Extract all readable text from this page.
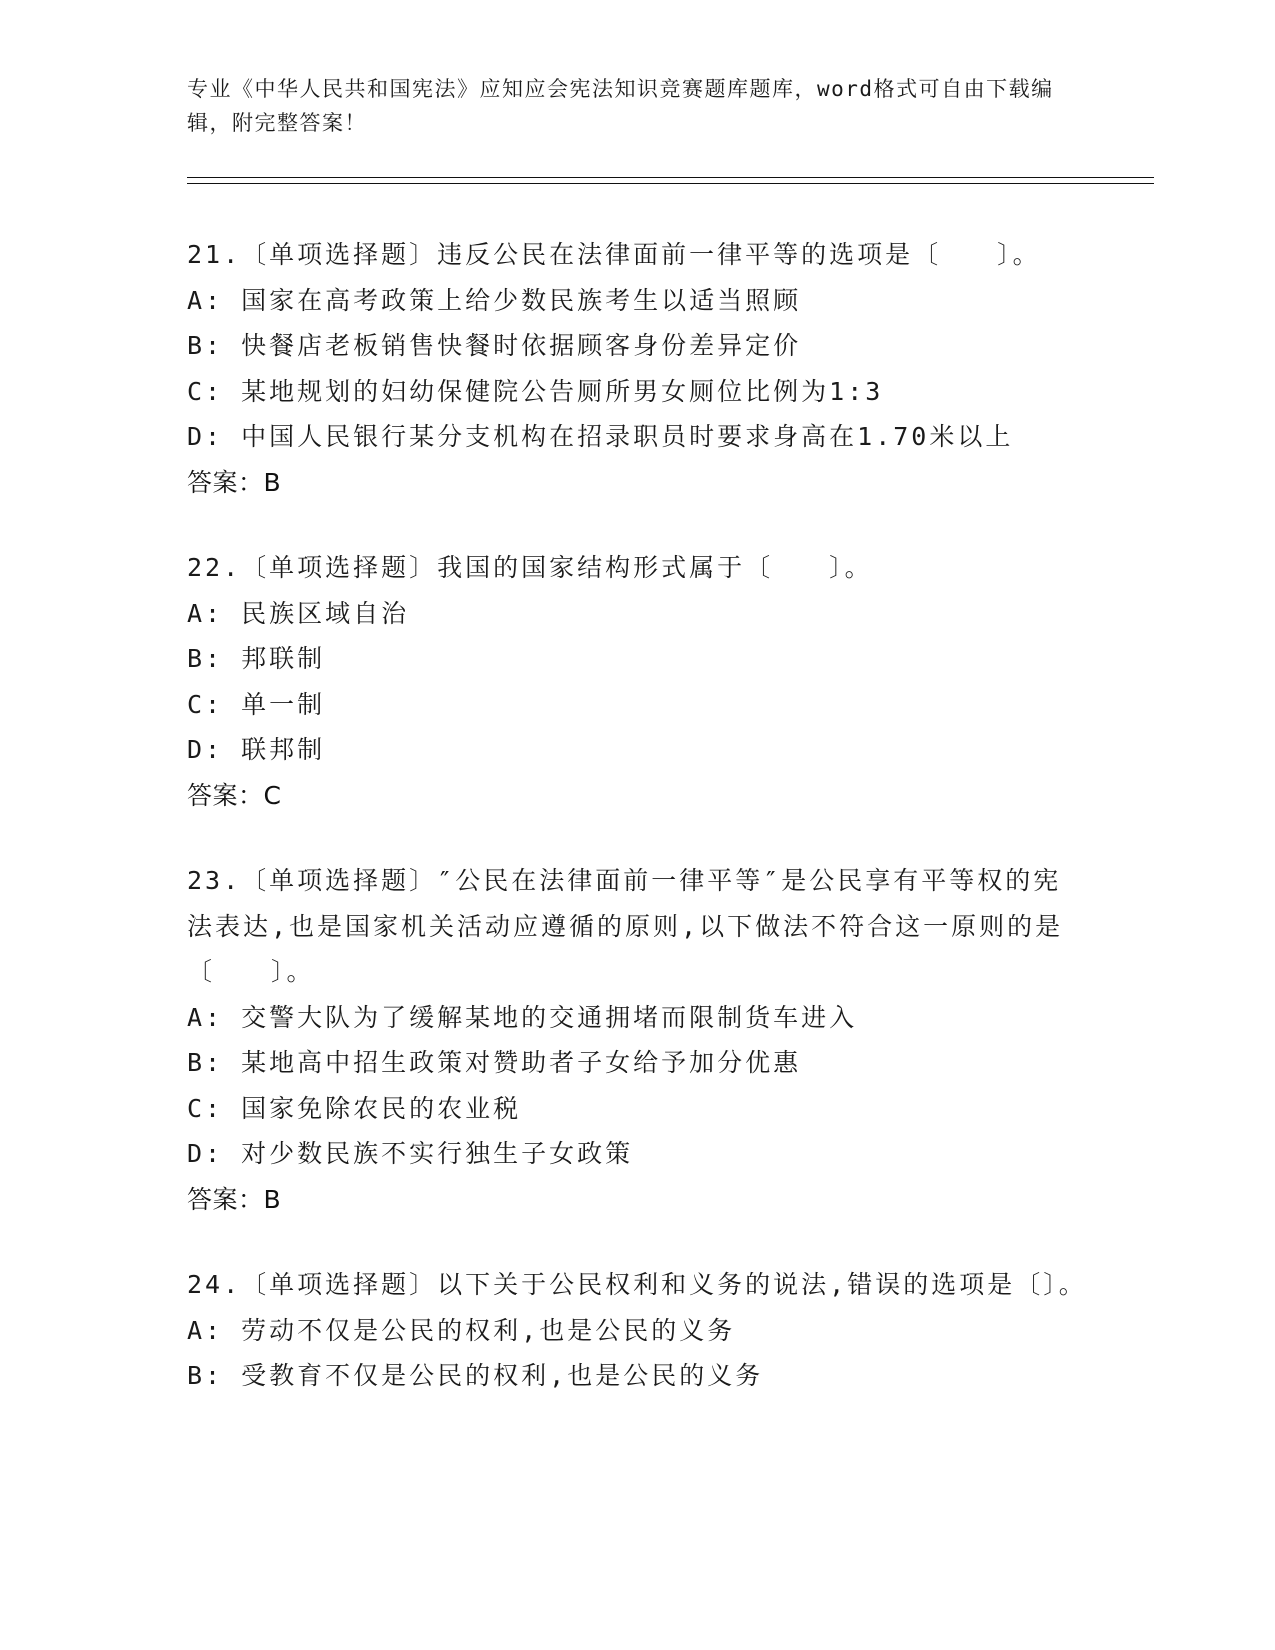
专业《中华人民共和国宪法》应知应会宪法知识竞赛题库题库，word格式可自由下载编辑，附完整答案！
21.〔单项选择题〕违反公民在法律面前一律平等的选项是〔　　〕。
A: 国家在高考政策上给少数民族考生以适当照顾
B: 快餐店老板销售快餐时依据顾客身份差异定价
C: 某地规划的妇幼保健院公告厕所男女厕位比例为1:3
D: 中国人民银行某分支机构在招录职员时要求身高在1.70米以上
答案：B
22.〔单项选择题〕我国的国家结构形式属于〔　　〕。
A: 民族区域自治
B: 邦联制
C: 单一制
D: 联邦制
答案：C
23.〔单项选择题〕″公民在法律面前一律平等″是公民享有平等权的宪法表达,也是国家机关活动应遵循的原则,以下做法不符合这一原则的是〔　　〕。
A: 交警大队为了缓解某地的交通拥堵而限制货车进入
B: 某地高中招生政策对赞助者子女给予加分优惠
C: 国家免除农民的农业税
D: 对少数民族不实行独生子女政策
答案：B
24.〔单项选择题〕以下关于公民权利和义务的说法,错误的选项是〔〕。
A: 劳动不仅是公民的权利,也是公民的义务
B: 受教育不仅是公民的权利,也是公民的义务
